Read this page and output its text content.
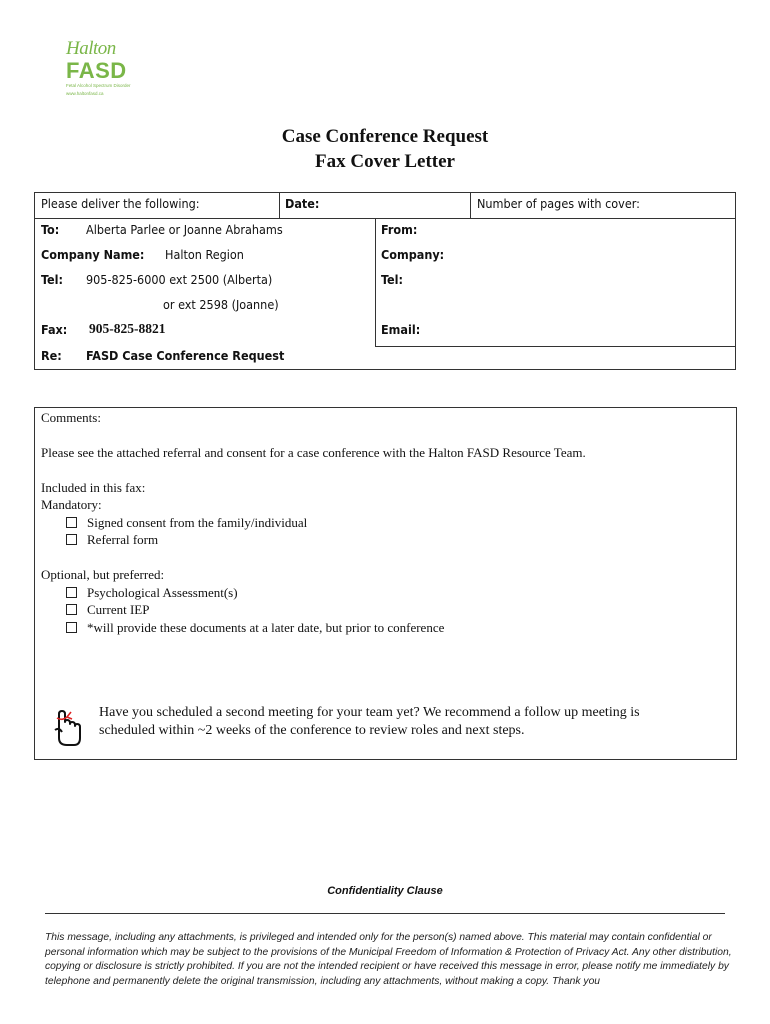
Halton
FASD
Fetal Alcohol Spectrum Disorder
www.haltonfasd.ca
Case Conference Request
Fax Cover Letter
Please deliver the following:	Date:	Number of pages with cover:
To: Alberta Parlee or Joanne Abrahams
Company Name: Halton Region
Tel: 905-825-6000 ext 2500 (Alberta)
or ext 2598 (Joanne)
Fax: 905-825-8821
Re: FASD Case Conference Request
From:
Company:
Tel:
Email:
Comments:
Please see the attached referral and consent for a case conference with the Halton FASD Resource Team.
Included in this fax:
Mandatory:
Signed consent from the family/individual
Referral form
Optional, but preferred:
Psychological Assessment(s)
Current IEP
*will provide these documents at a later date, but prior to conference
Have you scheduled a second meeting for your team yet? We recommend a follow up meeting is
scheduled within ~2 weeks of the conference to review roles and next steps.
Confidentiality Clause
This message, including any attachments, is privileged and intended only for the person(s) named above. This material may contain confidential or personal information which may be subject to the provisions of the Municipal Freedom of Information & Protection of Privacy Act. Any other distribution, copying or disclosure is strictly prohibited. If you are not the intended recipient or have received this message in error, please notify me immediately by telephone and permanently delete the original transmission, including any attachments, without making a copy. Thank you
